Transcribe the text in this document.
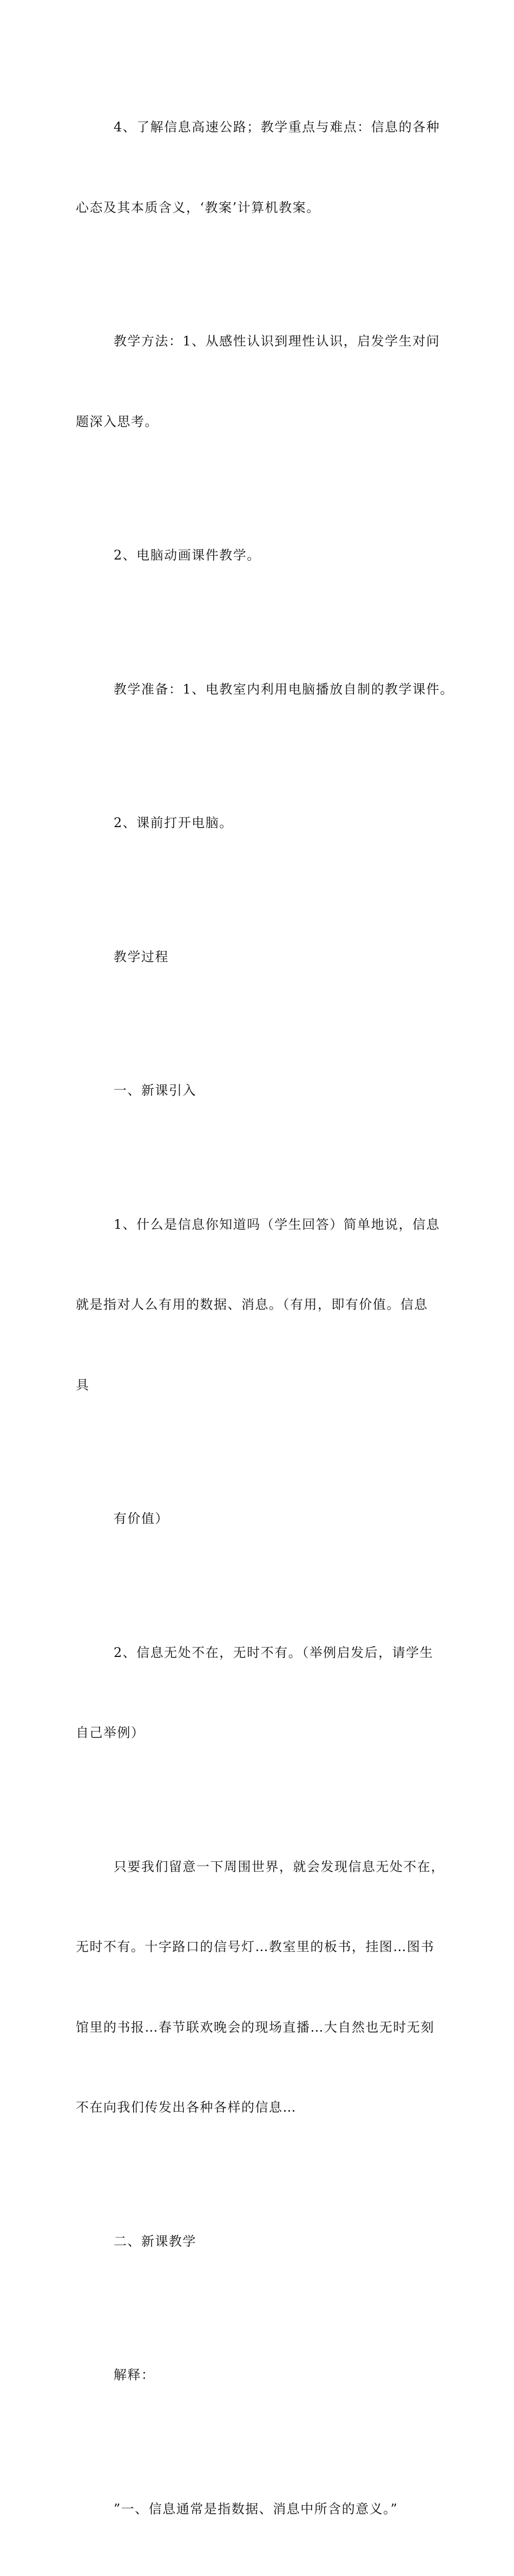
4、了解信息高速公路；教学重点与难点：信息的各种

心态及其本质含义，‘教案’计算机教案。

教学方法：1、从感性认识到理性认识，启发学生对问

题深入思考。

2、电脑动画课件教学。

教学准备：1、电教室内利用电脑播放自制的教学课件。

2、课前打开电脑。

教学过程

一、新课引入

1、什么是信息你知道吗（学生回答）简单地说，信息

就是指对人么有用的数据、消息。（有用，即有价值。信息

具

有价值）

2、信息无处不在，无时不有。（举例启发后，请学生

自己举例）

只要我们留意一下周围世界，就会发现信息无处不在，

无时不有。十字路口的信号灯…教室里的板书，挂图…图书

馆里的书报…春节联欢晚会的现场直播…大自然也无时无刻

不在向我们传发出各种各样的信息…

二、新课教学

解释：

”一、信息通常是指数据、消息中所含的意义。”
